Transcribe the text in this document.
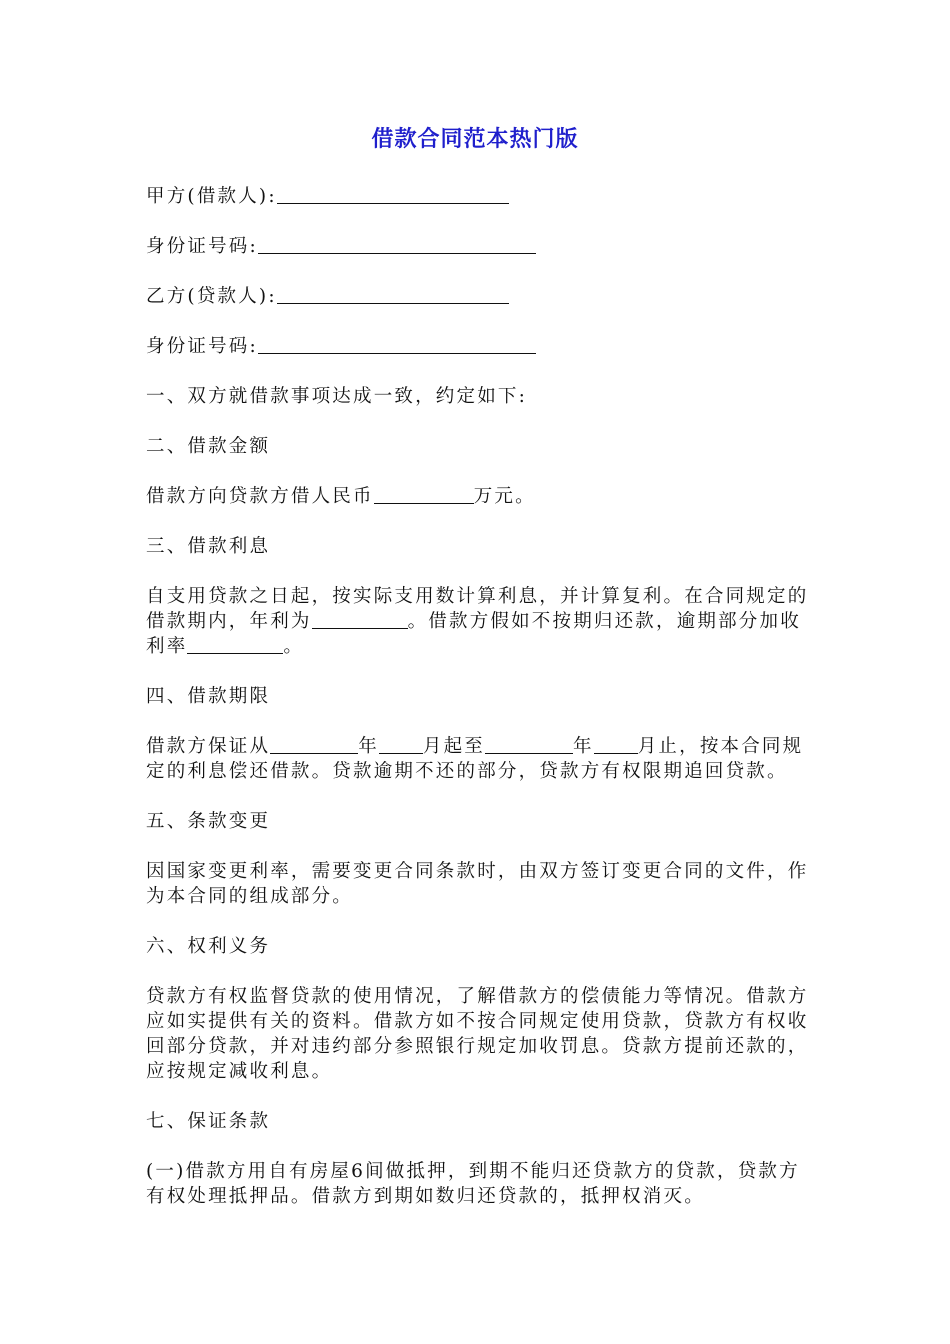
借款合同范本热门版

甲方(借款人):

身份证号码:

乙方(贷款人):

身份证号码:

一、双方就借款事项达成一致，约定如下:

二、借款金额

借款方向贷款方借人民币	万元。

三、借款利息

自支用贷款之日起，按实际支用数计算利息，并计算复利。在合同规定的借款期内，年利为	。借款方假如不按期归还款，逾期部分加收利率	。

四、借款期限

借款方保证从	年 月起至	年 月止，按本合同规定的利息偿还借款。贷款逾期不还的部分，贷款方有权限期追回贷款。

五、条款变更

因国家变更利率，需要变更合同条款时，由双方签订变更合同的文件，作为本合同的组成部分。

六、权利义务

贷款方有权监督贷款的使用情况，了解借款方的偿债能力等情况。借款方应如实提供有关的资料。借款方如不按合同规定使用贷款，贷款方有权收回部分贷款，并对违约部分参照银行规定加收罚息。贷款方提前还款的，应按规定减收利息。

七、保证条款

(一)借款方用自有房屋6间做抵押，到期不能归还贷款方的贷款，贷款方有权处理抵押品。借款方到期如数归还贷款的，抵押权消灭。
